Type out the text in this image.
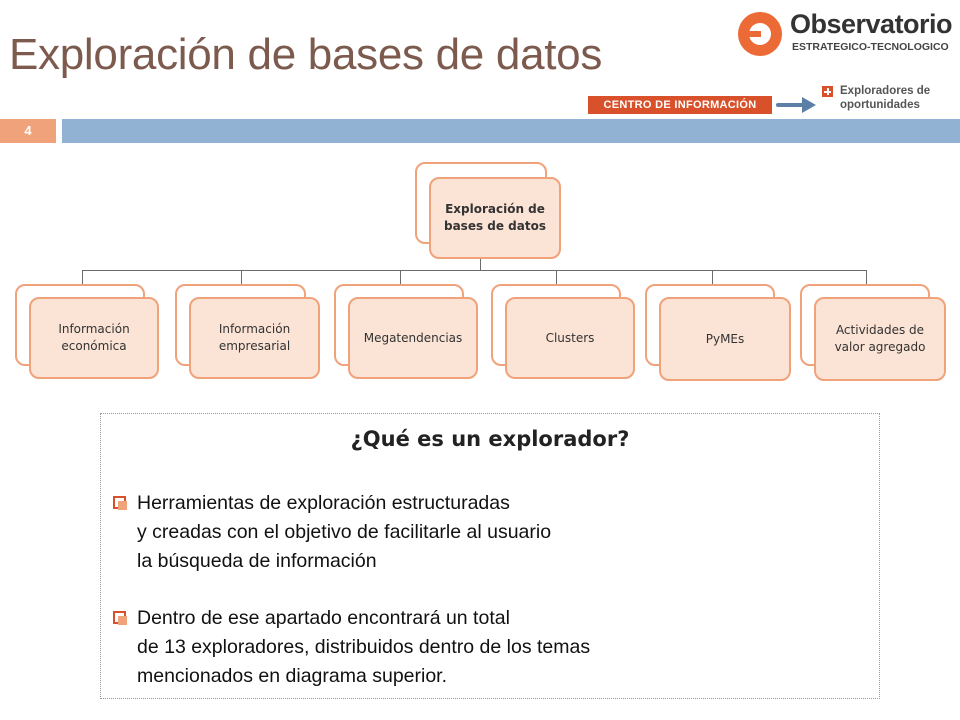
Exploración de bases de datos
Observatorio
ESTRATEGICO-TECNOLOGICO
CENTRO DE INFORMACIÓN
Exploradores de oportunidades
4
Exploración de bases de datos
Información económica
Información empresarial
Megatendencias	Clusters	PyMEs
Actividades de valor agregado
¿Qué es un explorador?
Herramientas de exploración estructuradas
y creadas con el objetivo de facilitarle al usuario
la búsqueda de información
Dentro de ese apartado encontrará un total
de 13 exploradores, distribuidos dentro de los temas
mencionados en diagrama superior.
